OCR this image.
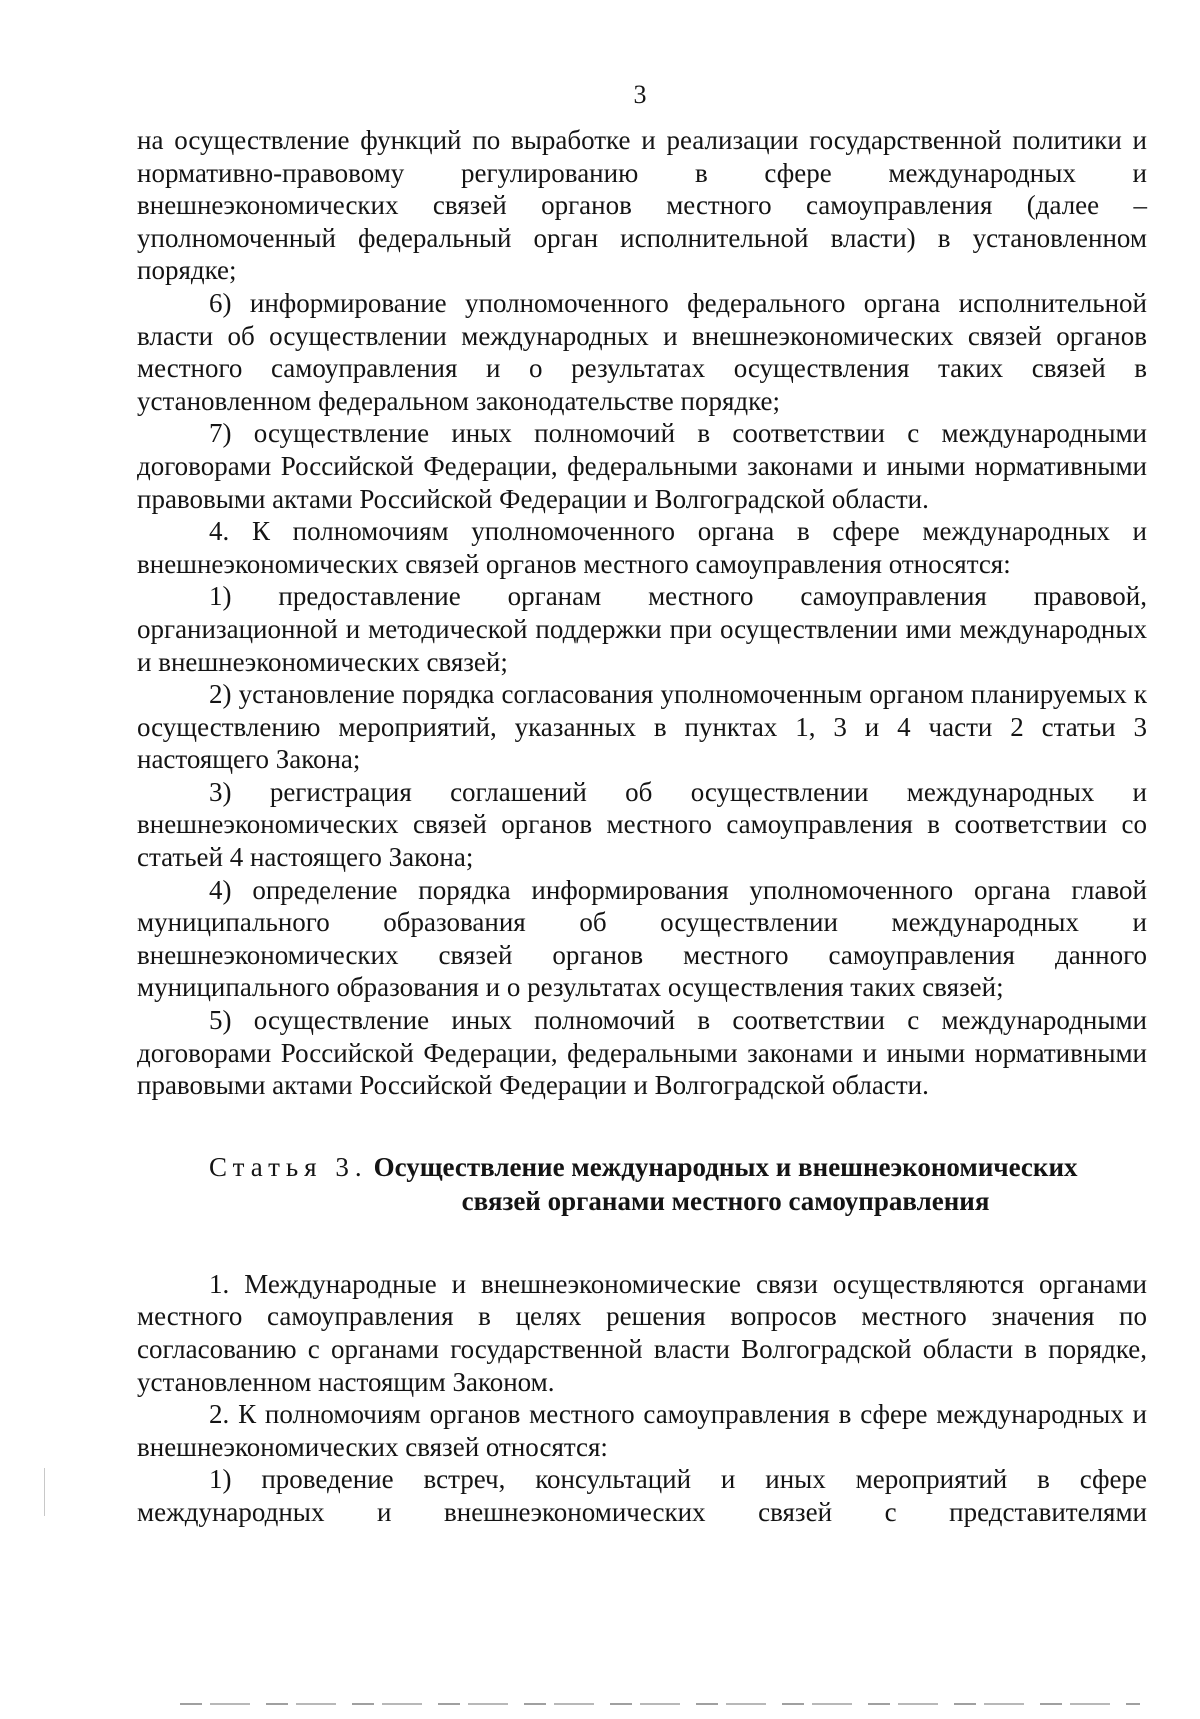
3

на осуществление функций по выработке и реализации государственной политики и нормативно-правовому регулированию в сфере международных и внешнеэкономических связей органов местного самоуправления (далее – уполномоченный федеральный орган исполнительной власти) в установленном порядке;

6) информирование уполномоченного федерального органа исполнительной власти об осуществлении международных и внешнеэкономических связей органов местного самоуправления и о результатах осуществления таких связей в установленном федеральном законодательстве порядке;

7) осуществление иных полномочий в соответствии с международными договорами Российской Федерации, федеральными законами и иными нормативными правовыми актами Российской Федерации и Волгоградской области.

4. К полномочиям уполномоченного органа в сфере международных и внешнеэкономических связей органов местного самоуправления относятся:

1) предоставление органам местного самоуправления правовой, организационной и методической поддержки при осуществлении ими международных и внешнеэкономических связей;

2) установление порядка согласования уполномоченным органом планируемых к осуществлению мероприятий, указанных в пунктах 1, 3 и 4 части 2 статьи 3 настоящего Закона;

3) регистрация соглашений об осуществлении международных и внешнеэкономических связей органов местного самоуправления в соответствии со статьей 4 настоящего Закона;

4) определение порядка информирования уполномоченного органа главой муниципального образования об осуществлении международных и внешнеэкономических связей органов местного самоуправления данного муниципального образования и о результатах осуществления таких связей;

5) осуществление иных полномочий в соответствии с международными договорами Российской Федерации, федеральными законами и иными нормативными правовыми актами Российской Федерации и Волгоградской области.

Статья 3. Осуществление международных и внешнеэкономических
связей органами местного самоуправления

1. Международные и внешнеэкономические связи осуществляются органами местного самоуправления в целях решения вопросов местного значения по согласованию с органами государственной власти Волгоградской области в порядке, установленном настоящим Законом.

2. К полномочиям органов местного самоуправления в сфере международных и внешнеэкономических связей относятся:

1) проведение встреч, консультаций и иных мероприятий в сфере международных и внешнеэкономических связей с представителями
